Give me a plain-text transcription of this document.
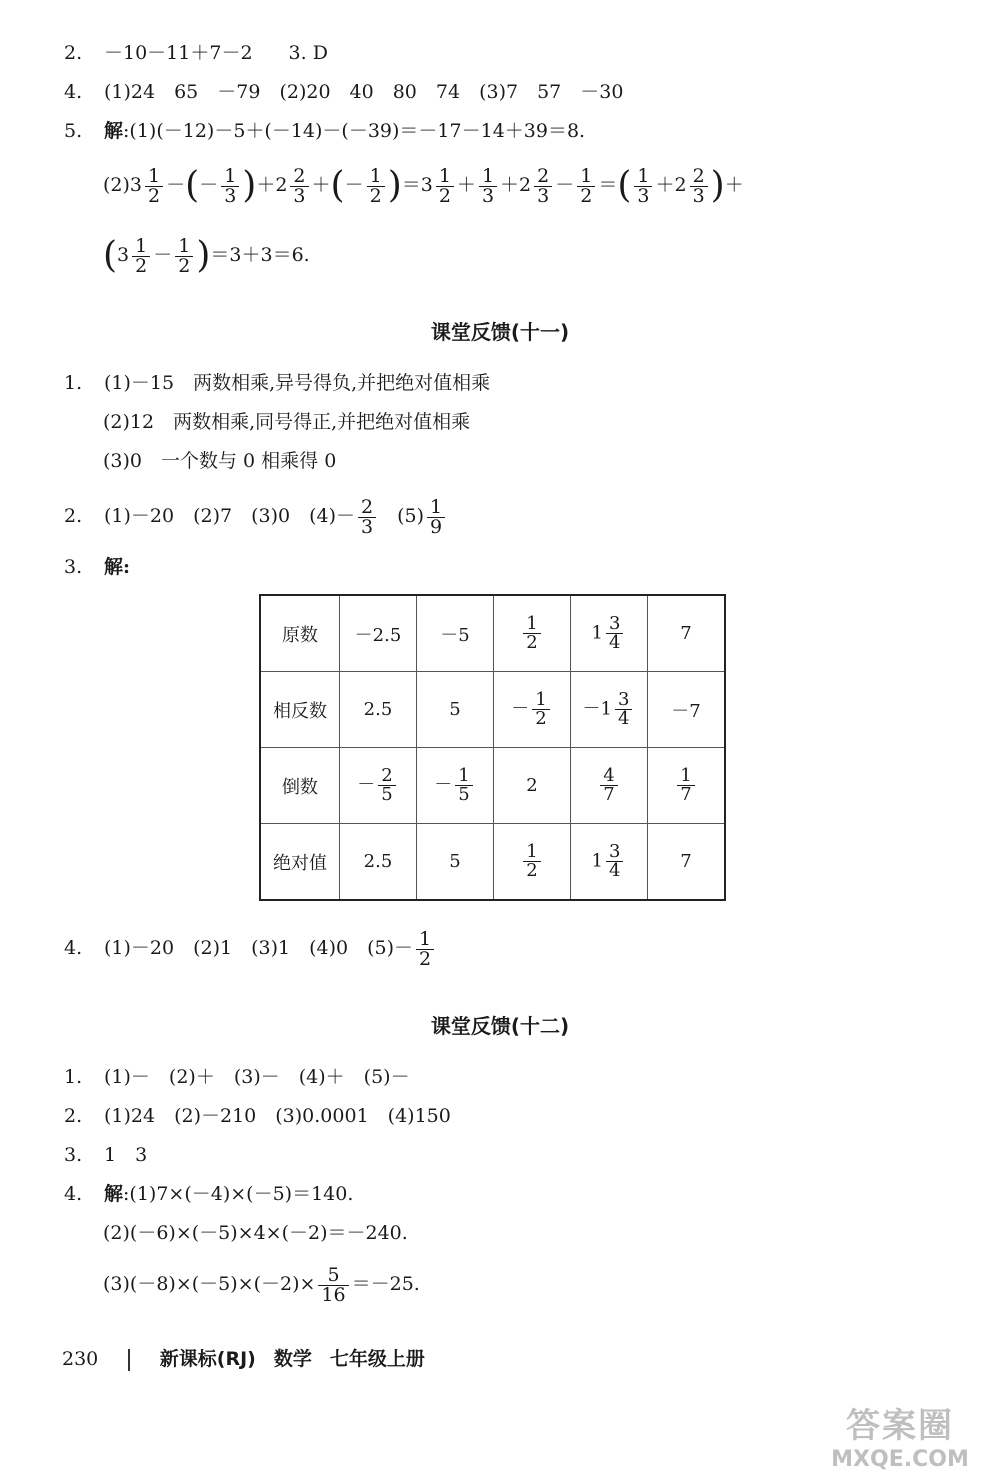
2. －10－11＋7－2 3. D
4. (1)24　65　－79　(2)20　40　80　74　(3)7　57　－30
5. 解:(1)(－12)－5＋(－14)－(－39)＝－17－14＋39＝8.
$(2)3 \frac{1}{2}$ －(－ $\frac{1}{3} )+2 \frac{2}{3}$ ＋(－ $\frac{1}{2} )=3 \frac{1}{2} + \frac{1}{3} +2 \frac{2}{3} - \frac{1}{2}$ ＝( $\frac{1}{3} +2 \frac{2}{3}$ )＋
$(3 \frac{1}{2} - \frac{1}{2} )=3+3=6$.
课堂反馈(十一)
1. (1)－15　两数相乘,异号得负,并把绝对值相乘
(2)12　两数相乘,同号得正,并把绝对值相乘
(3)0　一个数与 0 相乘得 0
2. (1)－20　(2)7　(3)0　$(4)- \frac{2}{3} (5) \frac{1}{9}$
3. 解:
原数	－2.5	－5	$\frac{1}{2}$	$1 \frac{3}{4}$	7
相反数	2.5	5	－ $\frac{1}{2}$	$-1 \frac{3}{4}$	－7
倒数	－ $\frac{2}{5}$	－ $\frac{1}{5}$	2	$\frac{4}{7}$	$\frac{1}{7}$

绝对值	2.5	5	$\frac{1}{2}$	$1 \frac{3}{4}$	7
4. (1)－20　(2)1　(3)1　(4)0　$(5)- \frac{1}{2}$
课堂反馈(十二)
1. (1)－　(2)＋　(3)－　(4)＋　(5)－
2. (1)24　(2)－210　(3)0.0001　(4)150
3. 1　3
4. 解:(1)7×(－4)×(－5)＝140.
(2)(－6)×(－5)×4×(－2)＝－240.
$(3)(-8)\times(-5)\times(-2)\times \frac{5}{16} =-25$.
230	新课标(RJ) 数学 七年级上册
答案圈
MXQE.COM
